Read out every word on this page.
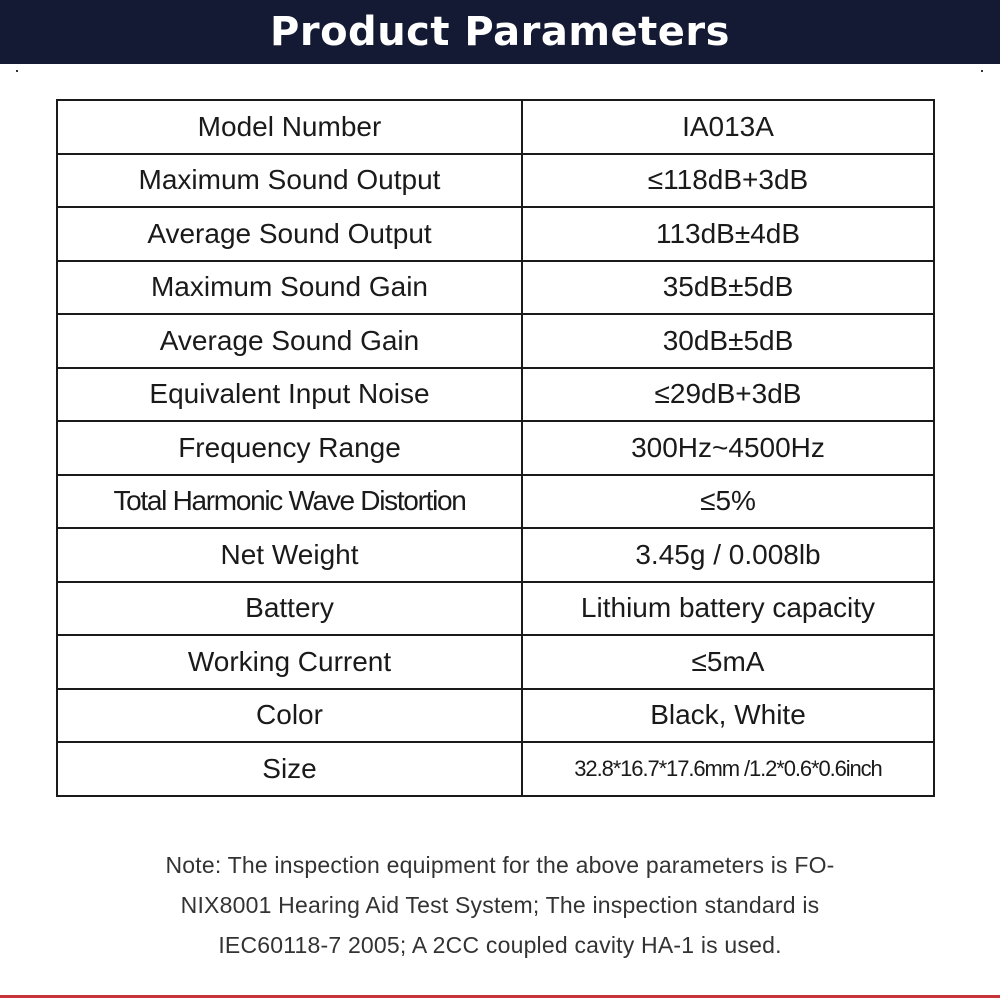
Product Parameters
Model Number	IA013A
Maximum Sound Output	≤118dB+3dB
Average Sound Output	113dB±4dB
Maximum Sound Gain	35dB±5dB
Average Sound Gain	30dB±5dB
Equivalent Input Noise	≤29dB+3dB
Frequency Range	300Hz~4500Hz
Total Harmonic Wave Distortion	≤5%
Net Weight	3.45g / 0.008lb
Battery	Lithium battery capacity
Working Current	≤5mA
Color	Black, White
Size	32.8*16.7*17.6mm /1.2*0.6*0.6inch
Note: The inspection equipment for the above parameters is FO-
NIX8001 Hearing Aid Test System; The inspection standard is
IEC60118-7 2005; A 2CC coupled cavity HA-1 is used.
